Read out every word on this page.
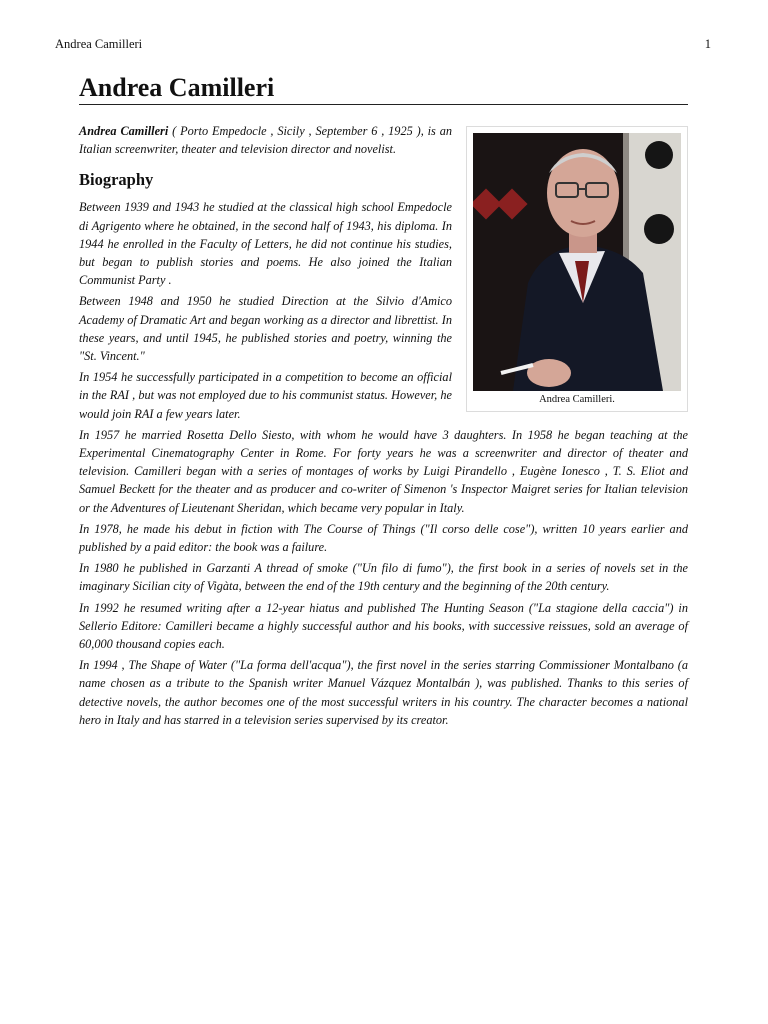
Andrea Camilleri	1
Andrea Camilleri
Andrea Camilleri.

Andrea Camilleri ( Porto Empedocle , Sicily , September 6 , 1925 ), is an Italian screenwriter, theater and television director and novelist.

Biography

Between 1939 and 1943 he studied at the classical high school Empedocle di Agrigento where he obtained, in the second half of 1943, his diploma. In 1944 he enrolled in the Faculty of Letters, he did not continue his studies, but began to publish stories and poems. He also joined the Italian Communist Party .

Between 1948 and 1950 he studied Direction at the Silvio d'Amico Academy of Dramatic Art and began working as a director and librettist. In these years, and until 1945, he published stories and poetry, winning the "St. Vincent."

In 1954 he successfully participated in a competition to become an official in the RAI , but was not employed due to his communist status. However, he would join RAI a few years later.

In 1957 he married Rosetta Dello Siesto, with whom he would have 3 daughters. In 1958 he began teaching at the Experimental Cinematography Center in Rome. For forty years he was a screenwriter and director of theater and television. Camilleri began with a series of montages of works by Luigi Pirandello , Eugène Ionesco , T. S. Eliot and Samuel Beckett for the theater and as producer and co-writer of Simenon 's Inspector Maigret series for Italian television or the Adventures of Lieutenant Sheridan, which became very popular in Italy.

In 1978, he made his debut in fiction with The Course of Things ("Il corso delle cose"), written 10 years earlier and published by a paid editor: the book was a failure.

In 1980 he published in Garzanti A thread of smoke ("Un filo di fumo"), the first book in a series of novels set in the imaginary Sicilian city of Vigàta, between the end of the 19th century and the beginning of the 20th century.

In 1992 he resumed writing after a 12-year hiatus and published The Hunting Season ("La stagione della caccia") in Sellerio Editore: Camilleri became a highly successful author and his books, with successive reissues, sold an average of 60,000 thousand copies each.

In 1994 , The Shape of Water ("La forma dell'acqua"), the first novel in the series starring Commissioner Montalbano (a name chosen as a tribute to the Spanish writer Manuel Vázquez Montalbán ), was published. Thanks to this series of detective novels, the author becomes one of the most successful writers in his country. The character becomes a national hero in Italy and has starred in a television series supervised by its creator.
